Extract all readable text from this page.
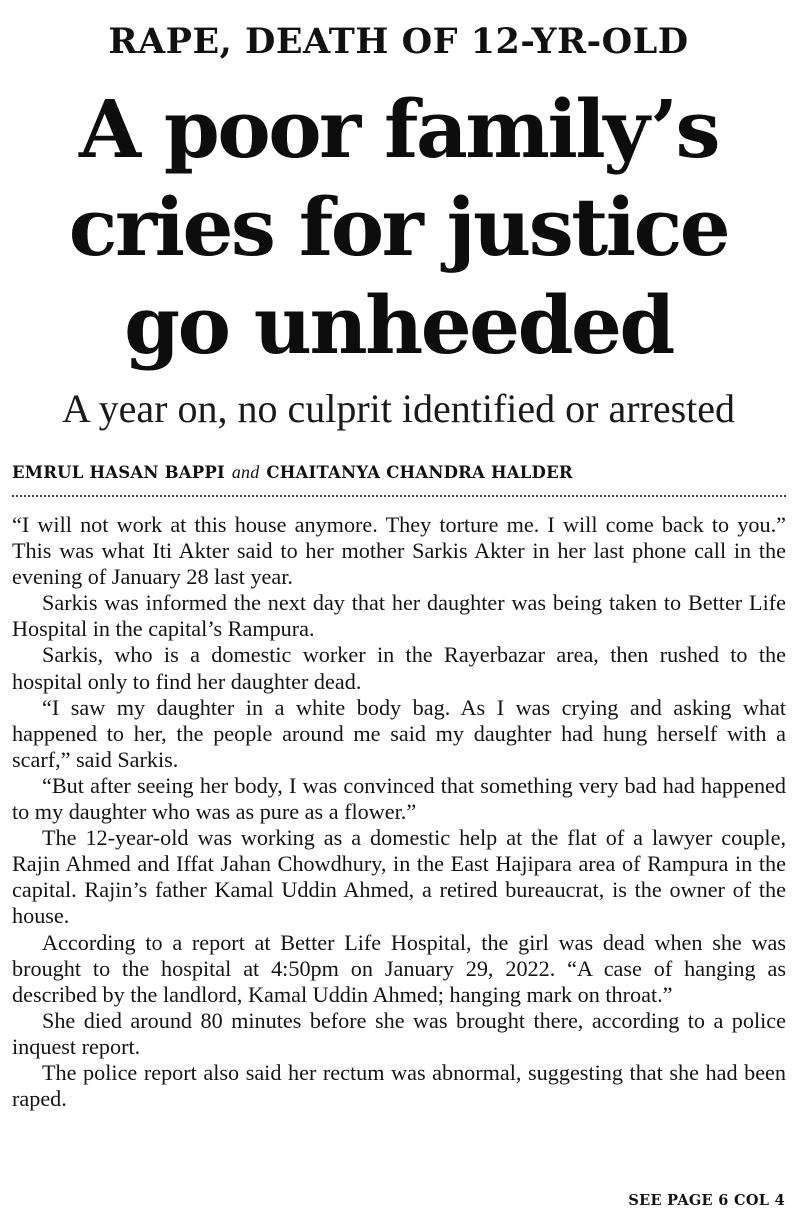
RAPE, DEATH OF 12-YR-OLD
A poor family’s
cries for justice
go unheeded
A year on, no culprit identified or arrested
EMRUL HASAN BAPPI and CHAITANYA CHANDRA HALDER

“I will not work at this house anymore. They torture me. I will come back to you.” This was what Iti Akter said to her mother Sarkis Akter in her last phone call in the evening of January 28 last year.

Sarkis was informed the next day that her daughter was being taken to Better Life Hospital in the capital’s Rampura.

Sarkis, who is a domestic worker in the Rayerbazar area, then rushed to the hospital only to find her daughter dead.

“I saw my daughter in a white body bag. As I was crying and asking what happened to her, the people around me said my daughter had hung herself with a scarf,” said Sarkis.

“But after seeing her body, I was convinced that something very bad had happened to my daughter who was as pure as a flower.”

The 12-year-old was working as a domestic help at the flat of a lawyer couple, Rajin Ahmed and Iffat Jahan Chowdhury, in the East Hajipara area of Rampura in the capital. Rajin’s father Kamal Uddin Ahmed, a retired bureaucrat, is the owner of the house.

According to a report at Better Life Hospital, the girl was dead when she was brought to the hospital at 4:50pm on January 29, 2022. “A case of hanging as described by the landlord, Kamal Uddin Ahmed; hanging mark on throat.”

She died around 80 minutes before she was brought there, according to a police inquest report.

The police report also said her rectum was abnormal, suggesting that she had been raped.

SEE PAGE 6 COL 4
